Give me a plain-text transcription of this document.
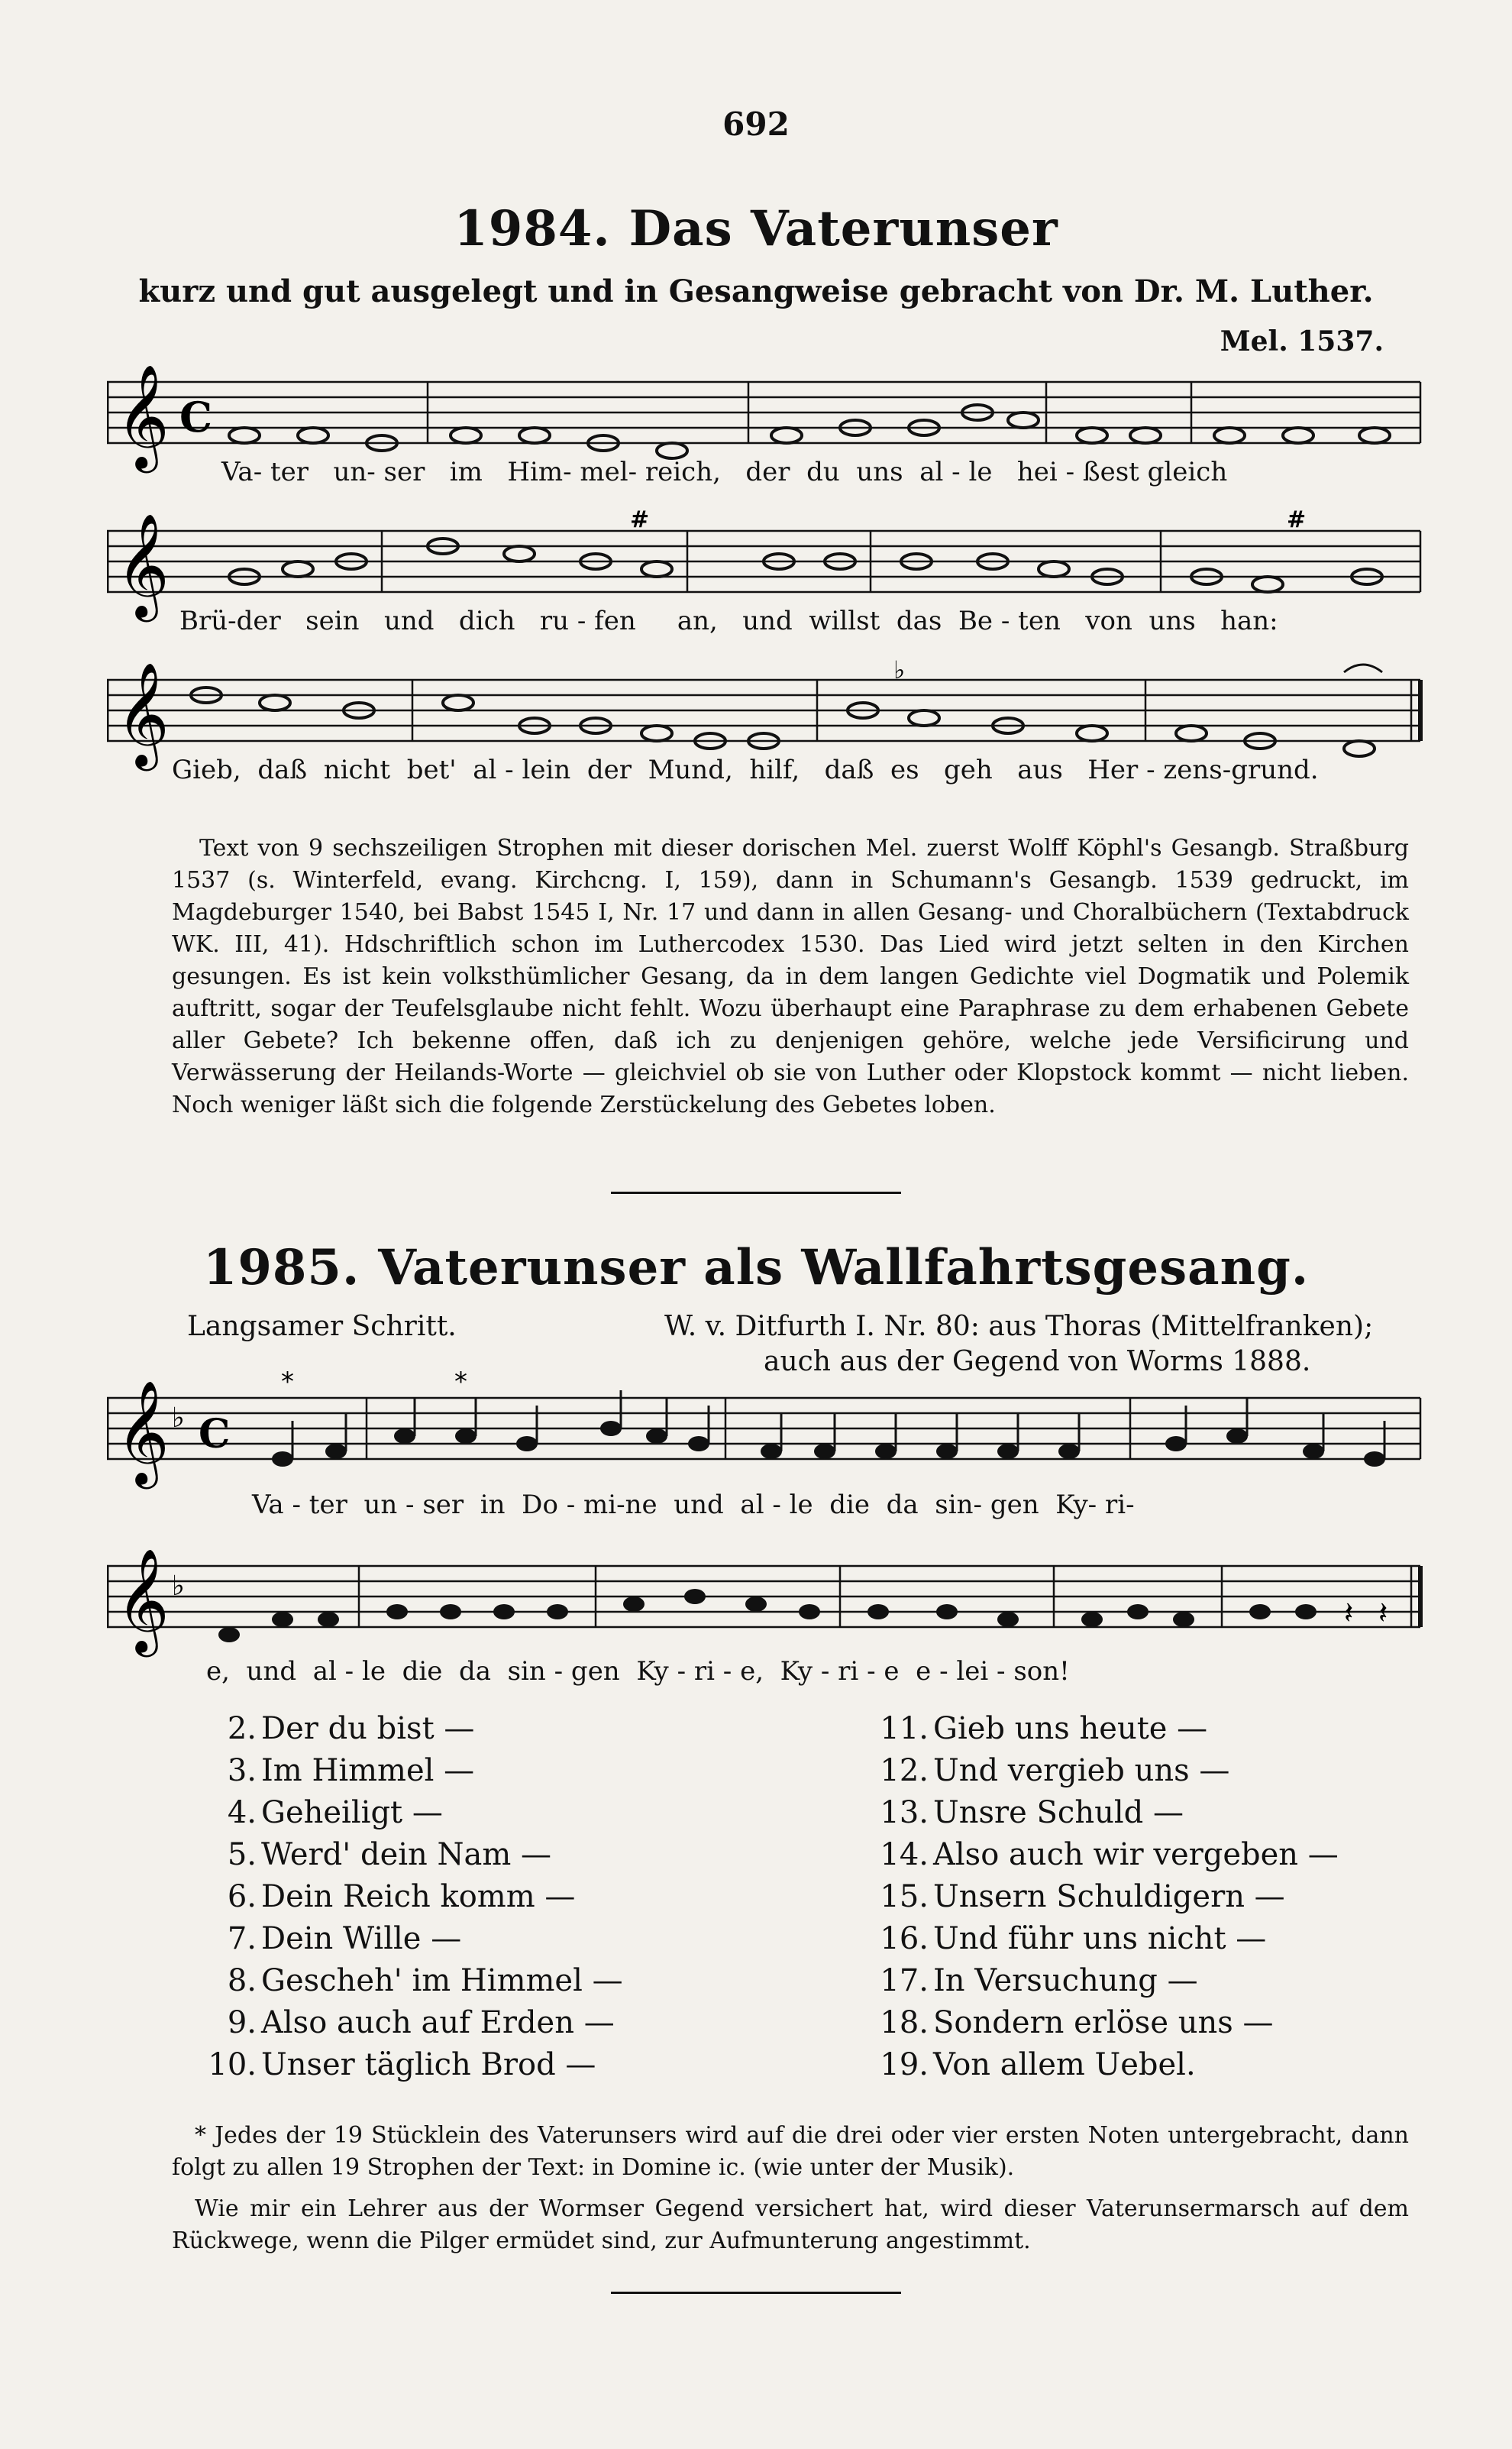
692
1984. Das Vaterunser
kurz und gut ausgelegt und in Gesangweise gebracht von Dr. M. Luther.
Mel. 1537.
𝄞 C
Va- ter   un- ser   im   Him- mel- reich,   der  du  uns  al - le   hei - ßest gleich
𝄞	#	#
Brü-der   sein   und   dich   ru - fen     an,   und  willst  das  Be - ten   von  uns   han:
𝄞	♭
Gieb,  daß  nicht  bet'  al - lein  der  Mund,  hilf,   daß  es   geh   aus   Her - zens-grund.

Text von 9 sechszeiligen Strophen mit dieser dorischen Mel. zuerst Wolff Köphl's Gesangb. Straßburg 1537 (s. Winterfeld, evang. Kirchcng. I, 159), dann in Schumann's Gesangb. 1539 gedruckt, im Magdeburger 1540, bei Babst 1545 I, Nr. 17 und dann in allen Gesang- und Choralbüchern (Textabdruck WK. III, 41). Hdschriftlich schon im Luthercodex 1530. Das Lied wird jetzt selten in den Kirchen gesungen. Es ist kein volksthümlicher Gesang, da in dem langen Gedichte viel Dogmatik und Polemik auftritt, sogar der Teufelsglaube nicht fehlt. Wozu überhaupt eine Paraphrase zu dem erhabenen Gebete aller Gebete? Ich bekenne offen, daß ich zu denjenigen gehöre, welche jede Versificirung und Verwässerung der Heilands-Worte — gleichviel ob sie von Luther oder Klopstock kommt — nicht lieben. Noch weniger läßt sich die folgende Zerstückelung des Gebetes loben.

1985. Vaterunser als Wallfahrtsgesang.
Langsamer Schritt.	W. v. Ditfurth I. Nr. 80: aus Thoras (Mittelfranken);
auch aus der Gegend von Worms 1888.
*	*
𝄞 ♭ C
Va - ter  un - ser  in  Do - mi-ne  und  al - le  die  da  sin- gen  Ky- ri-
𝄞 ♭
𝄽 𝄽
e,  und  al - le  die  da  sin - gen  Ky - ri - e,  Ky - ri - e  e - lei - son!
2. Der du bist —
3. Im Himmel —
4. Geheiligt —
5. Werd' dein Nam —
6. Dein Reich komm —
7. Dein Wille —
8. Gescheh' im Himmel —
9. Also auch auf Erden —
10. Unser täglich Brod —
11. Gieb uns heute —
12. Und vergieb uns —
13. Unsre Schuld —
14. Also auch wir vergeben —
15. Unsern Schuldigern —
16. Und führ uns nicht —
17. In Versuchung —
18. Sondern erlöse uns —
19. Von allem Uebel.

* Jedes der 19 Stücklein des Vaterunsers wird auf die drei oder vier ersten Noten untergebracht, dann folgt zu allen 19 Strophen der Text: in Domine ic. (wie unter der Musik).

Wie mir ein Lehrer aus der Wormser Gegend versichert hat, wird dieser Vaterunsermarsch auf dem Rückwege, wenn die Pilger ermüdet sind, zur Aufmunterung angestimmt.
